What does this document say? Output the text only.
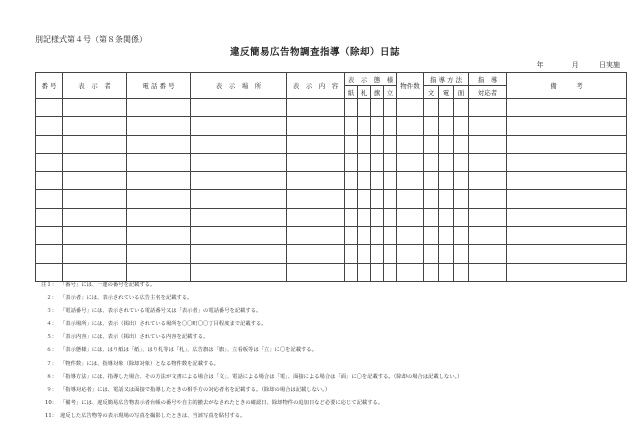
別記様式第４号（第８条関係）
違反簡易広告物調査指導（除却）日誌
年	月	日実施
番 号	表　示　者	電 話 番 号	表　示　場　所	表　示　内　容	表　示　態　様				物件数	指 導 方 法			指　導	備　　　考
					紙	札	旗	立		文	電	面	対応者	

注１： 「番号」には、一連の番号を記載する。
２： 「表示者」には、表示されている広告主名を記載する。
３： 「電話番号」には、表示されている電話番号又は「表示者」の電話番号を記載する。
４： 「表示場所」には、表示（掲出）されている場所を〇〇町〇〇丁目程度まで記載する。
５： 「表示内容」には、表示（掲出）されている内容を記載する。
６： 「表示態様」には、はり紙は「紙」、はり札等は「札」、広告旗は「旗」、立看板等は「立」に〇を記載する。
７： 「物件数」には、指導対象（除却対象）となる物件数を記載する。
８： 「指導方法」には、指導した場合、その方法が文書による場合は「文」、電話による場合は「電」、面接による場合は「面」に〇を記載する。（除却の場合は記載しない。）
９： 「指導対応者」には、電話又は面接で指導したときの相手方の対応者名を記載する。（除却の場合は記載しない。）
10： 「備考」には、違反簡易広告物表示者台帳の番号や自主的撤去がなされたときの確認日、除却物件の追加日など必要に応じて記載する。
11： 違反した広告物等の表示現場の写真を撮影したときは、当該写真を貼付する。
